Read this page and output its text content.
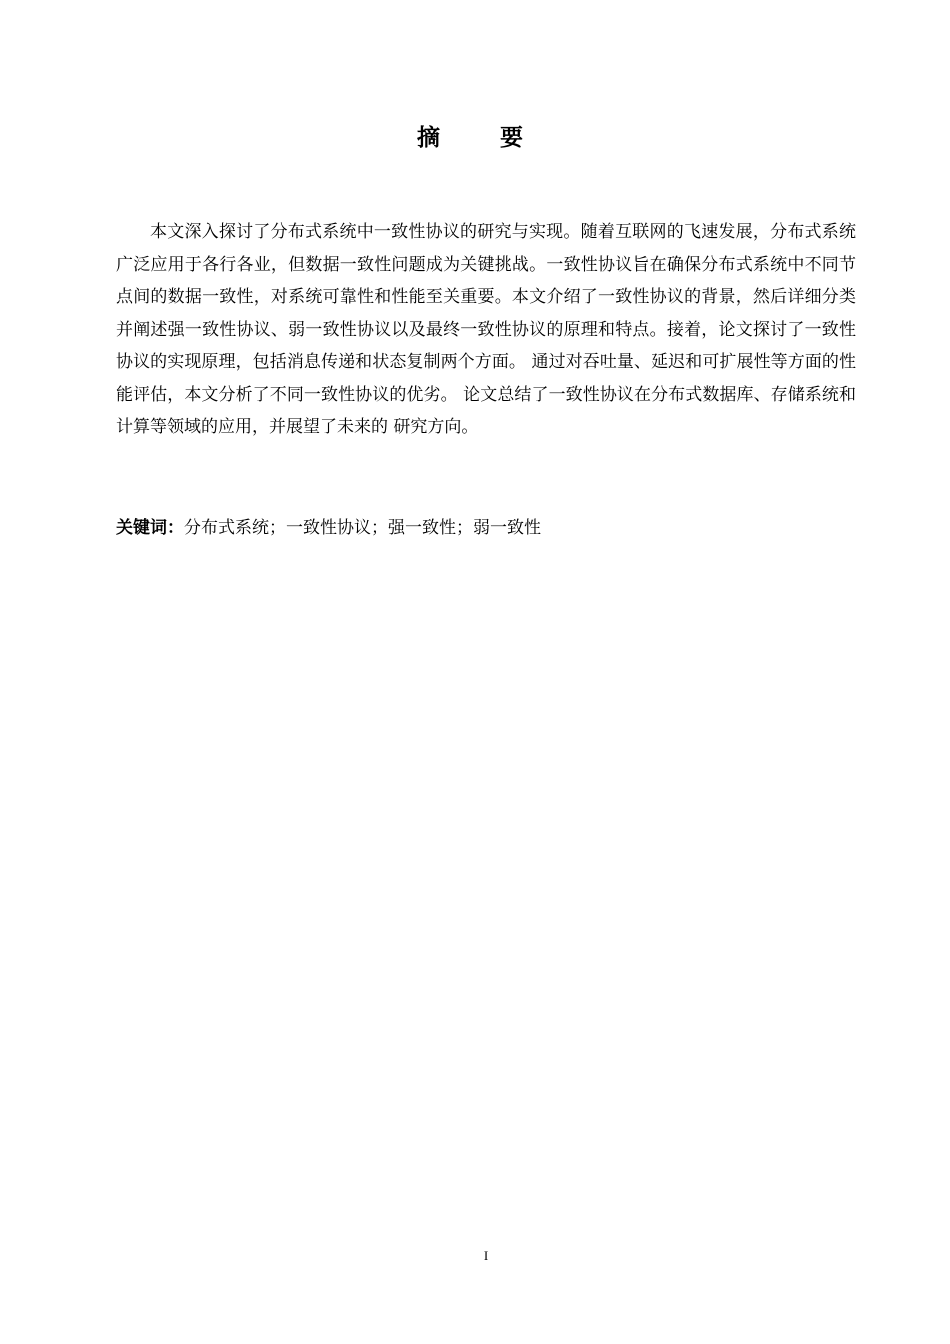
摘 要

本文深入探讨了分布式系统中一致性协议的研究与实现。随着互联网的飞速发展，分布式系统广泛应用于各行各业，但数据一致性问题成为关键挑战。一致性协议旨在确保分布式系统中不同节点间的数据一致性，对系统可靠性和性能至关重要。本文介绍了一致性协议的背景，然后详细分类并阐述强一致性协议、弱一致性协议以及最终一致性协议的原理和特点。接着，论文探讨了一致性协议的实现原理，包括消息传递和状态复制两个方面。 通过对吞吐量、延迟和可扩展性等方面的性能评估，本文分析了不同一致性协议的优劣。 论文总结了一致性协议在分布式数据库、存储系统和计算等领域的应用，并展望了未来的 研究方向。

关键词：分布式系统；一致性协议；强一致性；弱一致性
I
